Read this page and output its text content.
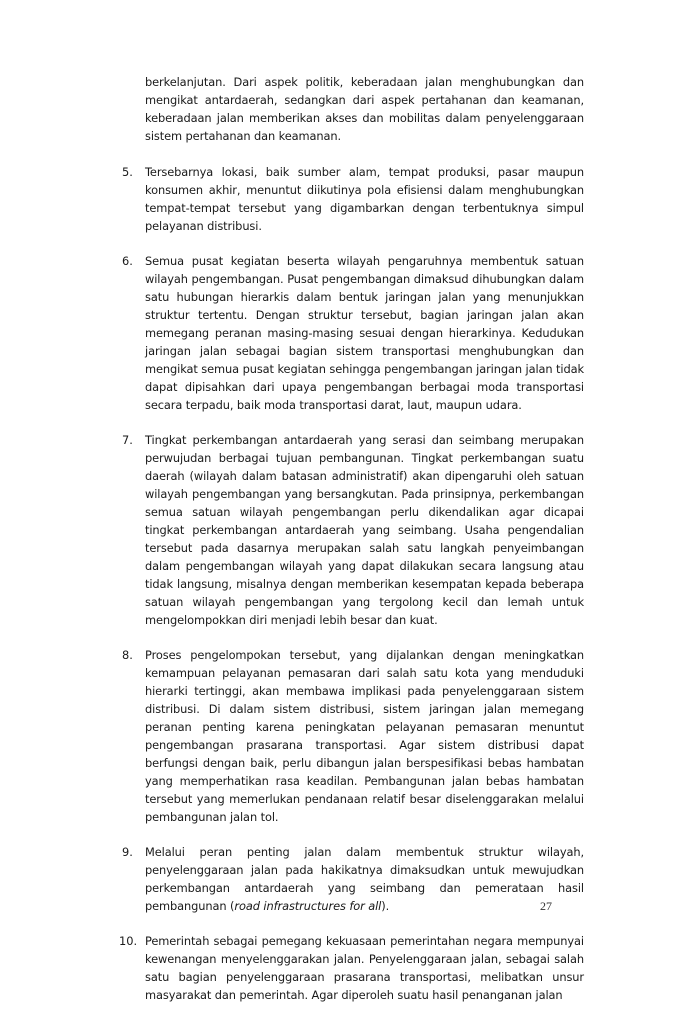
berkelanjutan. Dari aspek politik, keberadaan jalan menghubungkan dan mengikat antardaerah, sedangkan dari aspek pertahanan dan keamanan, keberadaan jalan memberikan akses dan mobilitas dalam penyelenggaraan sistem pertahanan dan keamanan.

5.	Tersebarnya lokasi, baik sumber alam, tempat produksi, pasar maupun konsumen akhir, menuntut diikutinya pola efisiensi dalam menghubungkan tempat-tempat tersebut yang digambarkan dengan terbentuknya simpul pelayanan distribusi.
6.	Semua pusat kegiatan beserta wilayah pengaruhnya membentuk satuan wilayah pengembangan. Pusat pengembangan dimaksud dihubungkan dalam satu hubungan hierarkis dalam bentuk jaringan jalan yang menunjukkan struktur tertentu. Dengan struktur tersebut, bagian jaringan jalan akan memegang peranan masing-masing sesuai dengan hierarkinya. Kedudukan jaringan jalan sebagai bagian sistem transportasi menghubungkan dan mengikat semua pusat kegiatan sehingga pengembangan jaringan jalan tidak dapat dipisahkan dari upaya pengembangan berbagai moda transportasi secara terpadu, baik moda transportasi darat, laut, maupun udara.
7.	Tingkat perkembangan antardaerah yang serasi dan seimbang merupakan perwujudan berbagai tujuan pembangunan. Tingkat perkembangan suatu daerah (wilayah dalam batasan administratif) akan dipengaruhi oleh satuan wilayah pengembangan yang bersangkutan. Pada prinsipnya, perkembangan semua satuan wilayah pengembangan perlu dikendalikan agar dicapai tingkat perkembangan antardaerah yang seimbang. Usaha pengendalian tersebut pada dasarnya merupakan salah satu langkah penyeimbangan dalam pengembangan wilayah yang dapat dilakukan secara langsung atau tidak langsung, misalnya dengan memberikan kesempatan kepada beberapa satuan wilayah pengembangan yang tergolong kecil dan lemah untuk mengelompokkan diri menjadi lebih besar dan kuat.
8.	Proses pengelompokan tersebut, yang dijalankan dengan meningkatkan kemampuan pelayanan pemasaran dari salah satu kota yang menduduki hierarki tertinggi, akan membawa implikasi pada penyelenggaraan sistem distribusi. Di dalam sistem distribusi, sistem jaringan jalan memegang peranan penting karena peningkatan pelayanan pemasaran menuntut pengembangan prasarana transportasi. Agar sistem distribusi dapat berfungsi dengan baik, perlu dibangun jalan berspesifikasi bebas hambatan yang memperhatikan rasa keadilan. Pembangunan jalan bebas hambatan tersebut yang memerlukan pendanaan relatif besar diselenggarakan melalui pembangunan jalan tol.
9.	Melalui peran penting jalan dalam membentuk struktur wilayah, penyelenggaraan jalan pada hakikatnya dimaksudkan untuk mewujudkan perkembangan antardaerah yang seimbang dan pemerataan hasil pembangunan (road infrastructures for all).
10. Pemerintah sebagai pemegang kekuasaan pemerintahan negara mempunyai kewenangan menyelenggarakan jalan. Penyelenggaraan jalan, sebagai salah satu bagian penyelenggaraan prasarana transportasi, melibatkan unsur masyarakat dan pemerintah. Agar diperoleh suatu hasil penanganan jalan
27
